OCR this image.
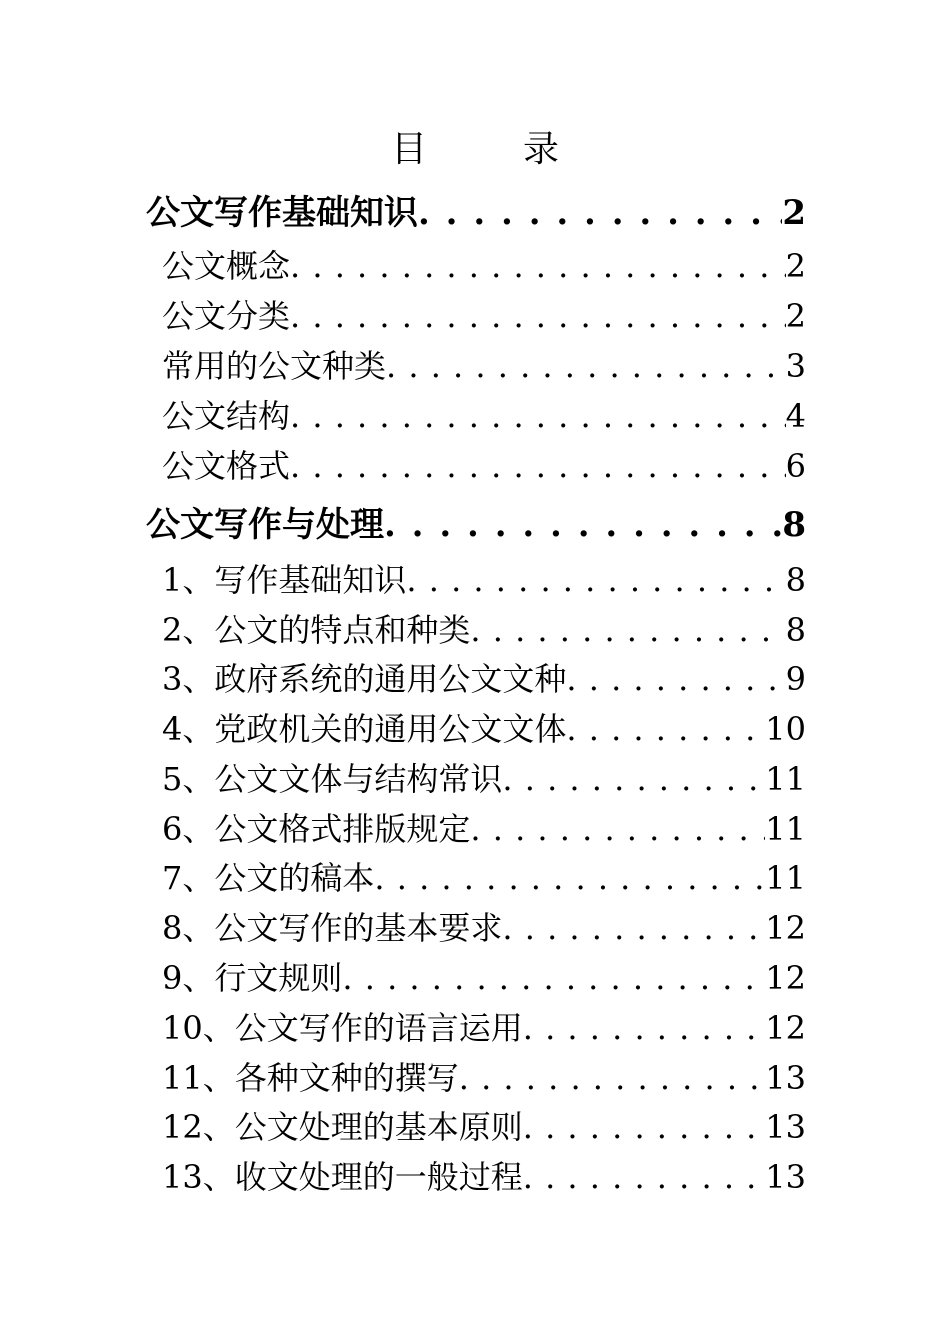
目　录
公文写作基础知识 . . .	2
公文概念 . . .	2
公文分类 . . .	2
常用的公文种类 . . .	3
公文结构 . . .	4
公文格式 . . .	6
公文写作与处理 . . .	8
1、写作基础知识 . . .	8
2、公文的特点和种类 . . .	8
3、政府系统的通用公文文种 . . .	9
4、党政机关的通用公文文体 . . .	10
5、公文文体与结构常识 . . .	11
6、公文格式排版规定 . . .	11
7、公文的稿本 . . .	11
8、公文写作的基本要求 . . .	12
9、行文规则 . . .	12
10、公文写作的语言运用 . . .	12
11、各种文种的撰写 . . .	13
12、公文处理的基本原则 . . .	13
13、收文处理的一般过程 . . .	13
